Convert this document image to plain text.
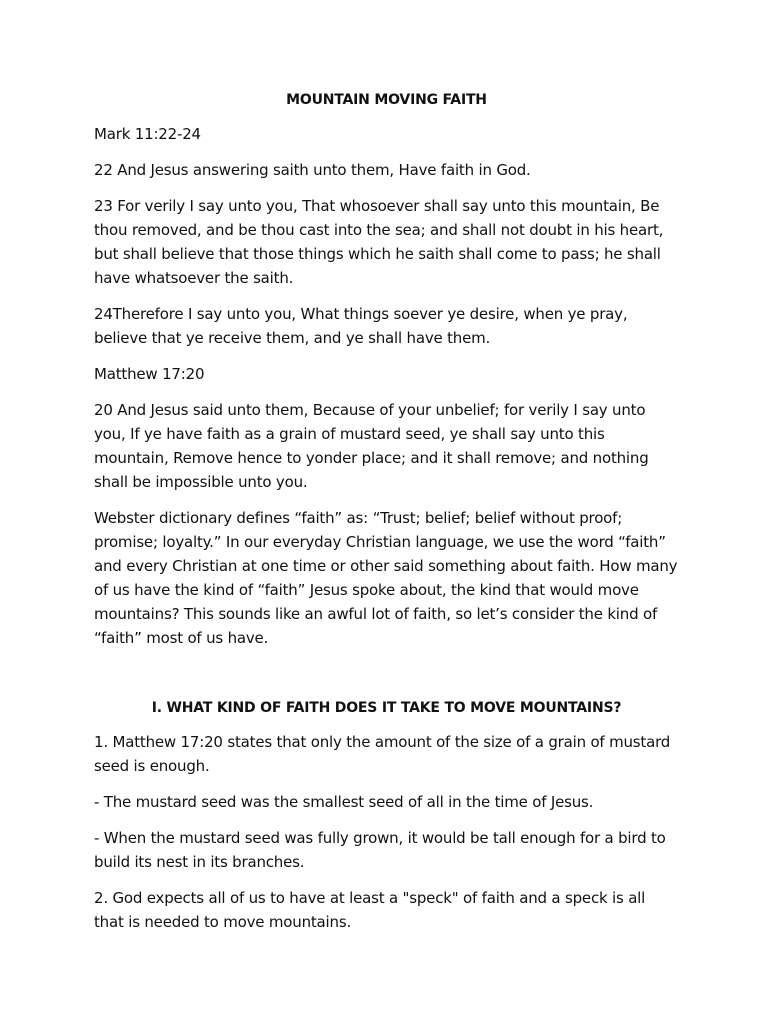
MOUNTAIN MOVING FAITH

Mark 11:22-24

22 And Jesus answering saith unto them, Have faith in God.

23 For verily I say unto you, That whosoever shall say unto this mountain, Be thou removed, and be thou cast into the sea; and shall not doubt in his heart, but shall believe that those things which he saith shall come to pass; he shall have whatsoever the saith.

24Therefore I say unto you, What things soever ye desire, when ye pray, believe that ye receive them, and ye shall have them.

Matthew 17:20

20 And Jesus said unto them, Because of your unbelief; for verily I say unto you, If ye have faith as a grain of mustard seed, ye shall say unto this mountain, Remove hence to yonder place; and it shall remove; and nothing shall be impossible unto you.

Webster dictionary defines “faith” as: “Trust; belief; belief without proof; promise; loyalty.” In our everyday Christian language, we use the word “faith” and every Christian at one time or other said something about faith. How many of us have the kind of “faith” Jesus spoke about, the kind that would move mountains? This sounds like an awful lot of faith, so let’s consider the kind of “faith” most of us have.

I. WHAT KIND OF FAITH DOES IT TAKE TO MOVE MOUNTAINS?

1. Matthew 17:20 states that only the amount of the size of a grain of mustard seed is enough.

- The mustard seed was the smallest seed of all in the time of Jesus.

- When the mustard seed was fully grown, it would be tall enough for a bird to build its nest in its branches.

2. God expects all of us to have at least a "speck" of faith and a speck is all that is needed to move mountains.
